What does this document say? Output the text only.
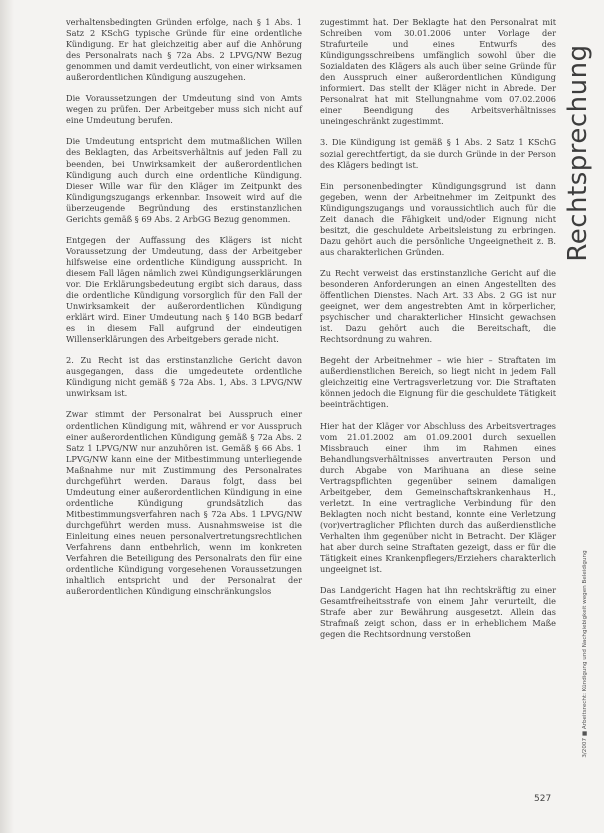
verhaltensbedingten Gründen erfolge, nach § 1 Abs. 1 Satz 2 KSchG typische Gründe für eine ordentliche Kündigung. Er hat gleichzeitig aber auf die Anhörung des Personalrats nach § 72a Abs. 2 LPVG/NW Bezug genommen und damit verdeutlicht, von einer wirksamen außerordentlichen Kündigung auszugehen.

Die Voraussetzungen der Umdeutung sind von Amts wegen zu prüfen. Der Arbeitgeber muss sich nicht auf eine Umdeutung berufen.

Die Umdeutung entspricht dem mutmaßlichen Willen des Beklagten, das Arbeitsverhältnis auf jeden Fall zu beenden, bei Unwirksamkeit der außerordentlichen Kündigung auch durch eine ordentliche Kündigung. Dieser Wille war für den Kläger im Zeitpunkt des Kündigungszugangs erkennbar. Insoweit wird auf die überzeugende Begründung des erstinstanzlichen Gerichts gemäß § 69 Abs. 2 ArbGG Bezug genommen.

Entgegen der Auffassung des Klägers ist nicht Voraussetzung der Umdeutung, dass der Arbeitgeber hilfsweise eine ordentliche Kündigung ausspricht. In diesem Fall lägen nämlich zwei Kündigungserklärungen vor. Die Erklärungsbedeutung ergibt sich daraus, dass die ordentliche Kündigung vorsorglich für den Fall der Unwirksamkeit der außerordentlichen Kündigung erklärt wird. Einer Umdeutung nach § 140 BGB bedarf es in diesem Fall aufgrund der eindeutigen Willenserklärungen des Arbeitgebers gerade nicht.

2. Zu Recht ist das erstinstanzliche Gericht davon ausgegangen, dass die umgedeutete ordentliche Kündigung nicht gemäß § 72a Abs. 1, Abs. 3 LPVG/NW unwirksam ist.

Zwar stimmt der Personalrat bei Ausspruch einer ordentlichen Kündigung mit, während er vor Ausspruch einer außerordentlichen Kündigung gemäß § 72a Abs. 2 Satz 1 LPVG/NW nur anzuhören ist. Gemäß § 66 Abs. 1 LPVG/NW kann eine der Mitbestimmung unterliegende Maßnahme nur mit Zustimmung des Personalrates durchgeführt werden. Daraus folgt, dass bei Umdeutung einer außerordentlichen Kündigung in eine ordentliche Kündigung grundsätzlich das Mitbestimmungsverfahren nach § 72a Abs. 1 LPVG/NW durchgeführt werden muss. Ausnahmsweise ist die Einleitung eines neuen personalvertretungsrechtlichen Verfahrens dann entbehrlich, wenn im konkreten Verfahren die Beteiligung des Personalrats den für eine ordentliche Kündigung vorgesehenen Voraussetzungen inhaltlich entspricht und der Personalrat der außerordentlichen Kündigung einschränkungslos

zugestimmt hat. Der Beklagte hat den Personalrat mit Schreiben vom 30.01.2006 unter Vorlage der Strafurteile und eines Entwurfs des Kündigungsschreibens umfänglich sowohl über die Sozialdaten des Klägers als auch über seine Gründe für den Ausspruch einer außerordentlichen Kündigung informiert. Das stellt der Kläger nicht in Abrede. Der Personalrat hat mit Stellungnahme vom 07.02.2006 einer Beendigung des Arbeitsverhältnisses uneingeschränkt zugestimmt.

3. Die Kündigung ist gemäß § 1 Abs. 2 Satz 1 KSchG sozial gerechtfertigt, da sie durch Gründe in der Person des Klägers bedingt ist.

Ein personenbedingter Kündigungsgrund ist dann gegeben, wenn der Arbeitnehmer im Zeitpunkt des Kündigungszugangs und voraussichtlich auch für die Zeit danach die Fähigkeit und/oder Eignung nicht besitzt, die geschuldete Arbeitsleistung zu erbringen. Dazu gehört auch die persönliche Ungeeignetheit z. B. aus charakterlichen Gründen.

Zu Recht verweist das erstinstanzliche Gericht auf die besonderen Anforderungen an einen Angestellten des öffentlichen Dienstes. Nach Art. 33 Abs. 2 GG ist nur geeignet, wer dem angestrebten Amt in körperlicher, psychischer und charakterlicher Hinsicht gewachsen ist. Dazu gehört auch die Bereitschaft, die Rechtsordnung zu wahren.

Begeht der Arbeitnehmer – wie hier – Straftaten im außerdienstlichen Bereich, so liegt nicht in jedem Fall gleichzeitig eine Vertragsverletzung vor. Die Straftaten können jedoch die Eignung für die geschuldete Tätigkeit beeinträchtigen.

Hier hat der Kläger vor Abschluss des Arbeitsvertrages vom 21.01.2002 am 01.09.2001 durch sexuellen Missbrauch einer ihm im Rahmen eines Behandlungsverhältnisses anvertrauten Person und durch Abgabe von Marihuana an diese seine Vertragspflichten gegenüber seinem damaligen Arbeitgeber, dem Gemeinschaftskrankenhaus H., verletzt. In eine vertragliche Verbindung für den Beklagten noch nicht bestand, konnte eine Verletzung (vor)vertraglicher Pflichten durch das außerdienstliche Verhalten ihm gegenüber nicht in Betracht. Der Kläger hat aber durch seine Straftaten gezeigt, dass er für die Tätigkeit eines Krankenpflegers/Erziehers charakterlich ungeeignet ist.

Das Landgericht Hagen hat ihn rechtskräftig zu einer Gesamtfreiheitsstrafe von einem Jahr verurteilt, die Strafe aber zur Bewährung ausgesetzt. Allein das Strafmaß zeigt schon, dass er in erheblichem Maße gegen die Rechtsordnung verstoßen

Rechtsprechung
3/2007 ■ Arbeitsrecht: Kündigung und Nachgiebigkeit wegen Beleidigung
527
